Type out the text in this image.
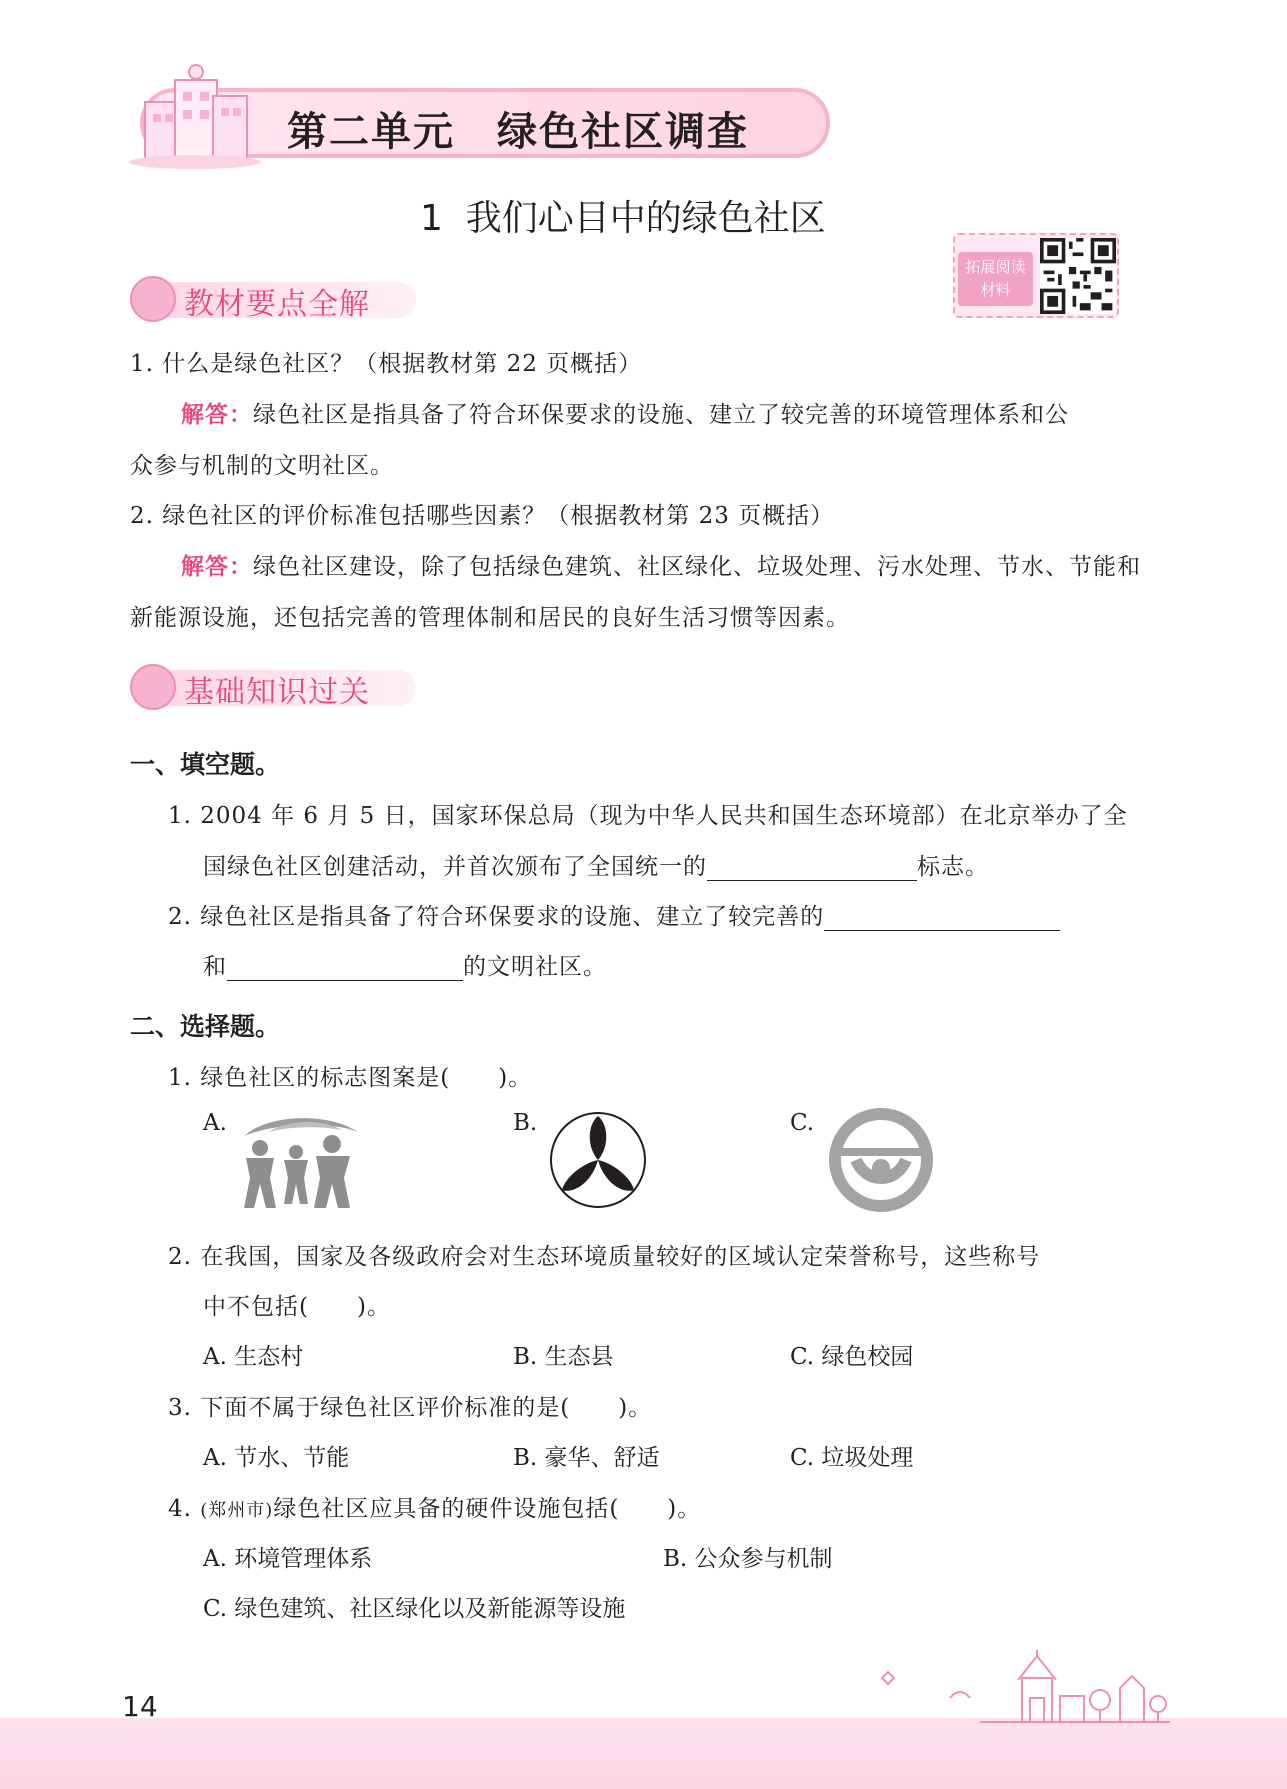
第二单元　绿色社区调查
1  我们心目中的绿色社区
拓展阅读
材料
教材要点全解
1. 什么是绿色社区？（根据教材第 22 页概括）
解答：绿色社区是指具备了符合环保要求的设施、建立了较完善的环境管理体系和公
众参与机制的文明社区。
2. 绿色社区的评价标准包括哪些因素？（根据教材第 23 页概括）
解答：绿色社区建设，除了包括绿色建筑、社区绿化、垃圾处理、污水处理、节水、节能和
新能源设施，还包括完善的管理体制和居民的良好生活习惯等因素。
基础知识过关
一、填空题。
1. 2004 年 6 月 5 日，国家环保总局（现为中华人民共和国生态环境部）在北京举办了全
国绿色社区创建活动，并首次颁布了全国统一的	标志。
2. 绿色社区是指具备了符合环保要求的设施、建立了较完善的
和	的文明社区。
二、选择题。
1. 绿色社区的标志图案是(　　)。
A.	B.	C.
2. 在我国，国家及各级政府会对生态环境质量较好的区域认定荣誉称号，这些称号
中不包括(　　)。
A. 生态村	B. 生态县	C. 绿色校园
3. 下面不属于绿色社区评价标准的是(　　)。
A. 节水、节能	B. 豪华、舒适	C. 垃圾处理
4. (郑州市)绿色社区应具备的硬件设施包括(　　)。
A. 环境管理体系	B. 公众参与机制
C. 绿色建筑、社区绿化以及新能源等设施
14
